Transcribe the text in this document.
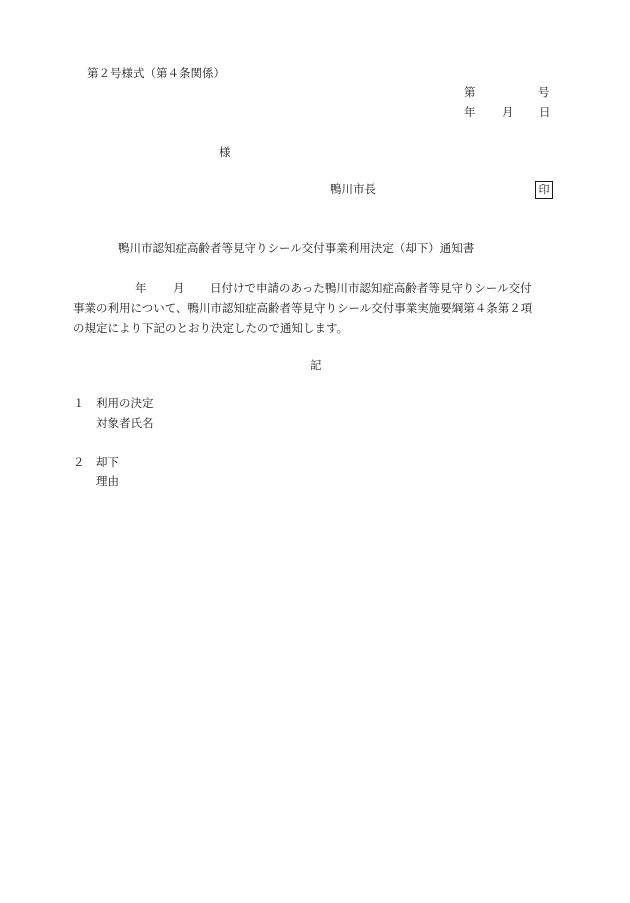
第２号様式（第４条関係）
第	号
年 月 日
様
鴨川市長	印
鴨川市認知症高齢者等見守りシール交付事業利用決定（却下）通知書
年 月 日付けで申請のあった鴨川市認知症高齢者等見守りシール交付
事業の利用について、鴨川市認知症高齢者等見守りシール交付事業実施要綱第４条第２項
の規定により下記のとおり決定したので通知します。
記
１ 利用の決定
対象者氏名
２ 却下
理由
